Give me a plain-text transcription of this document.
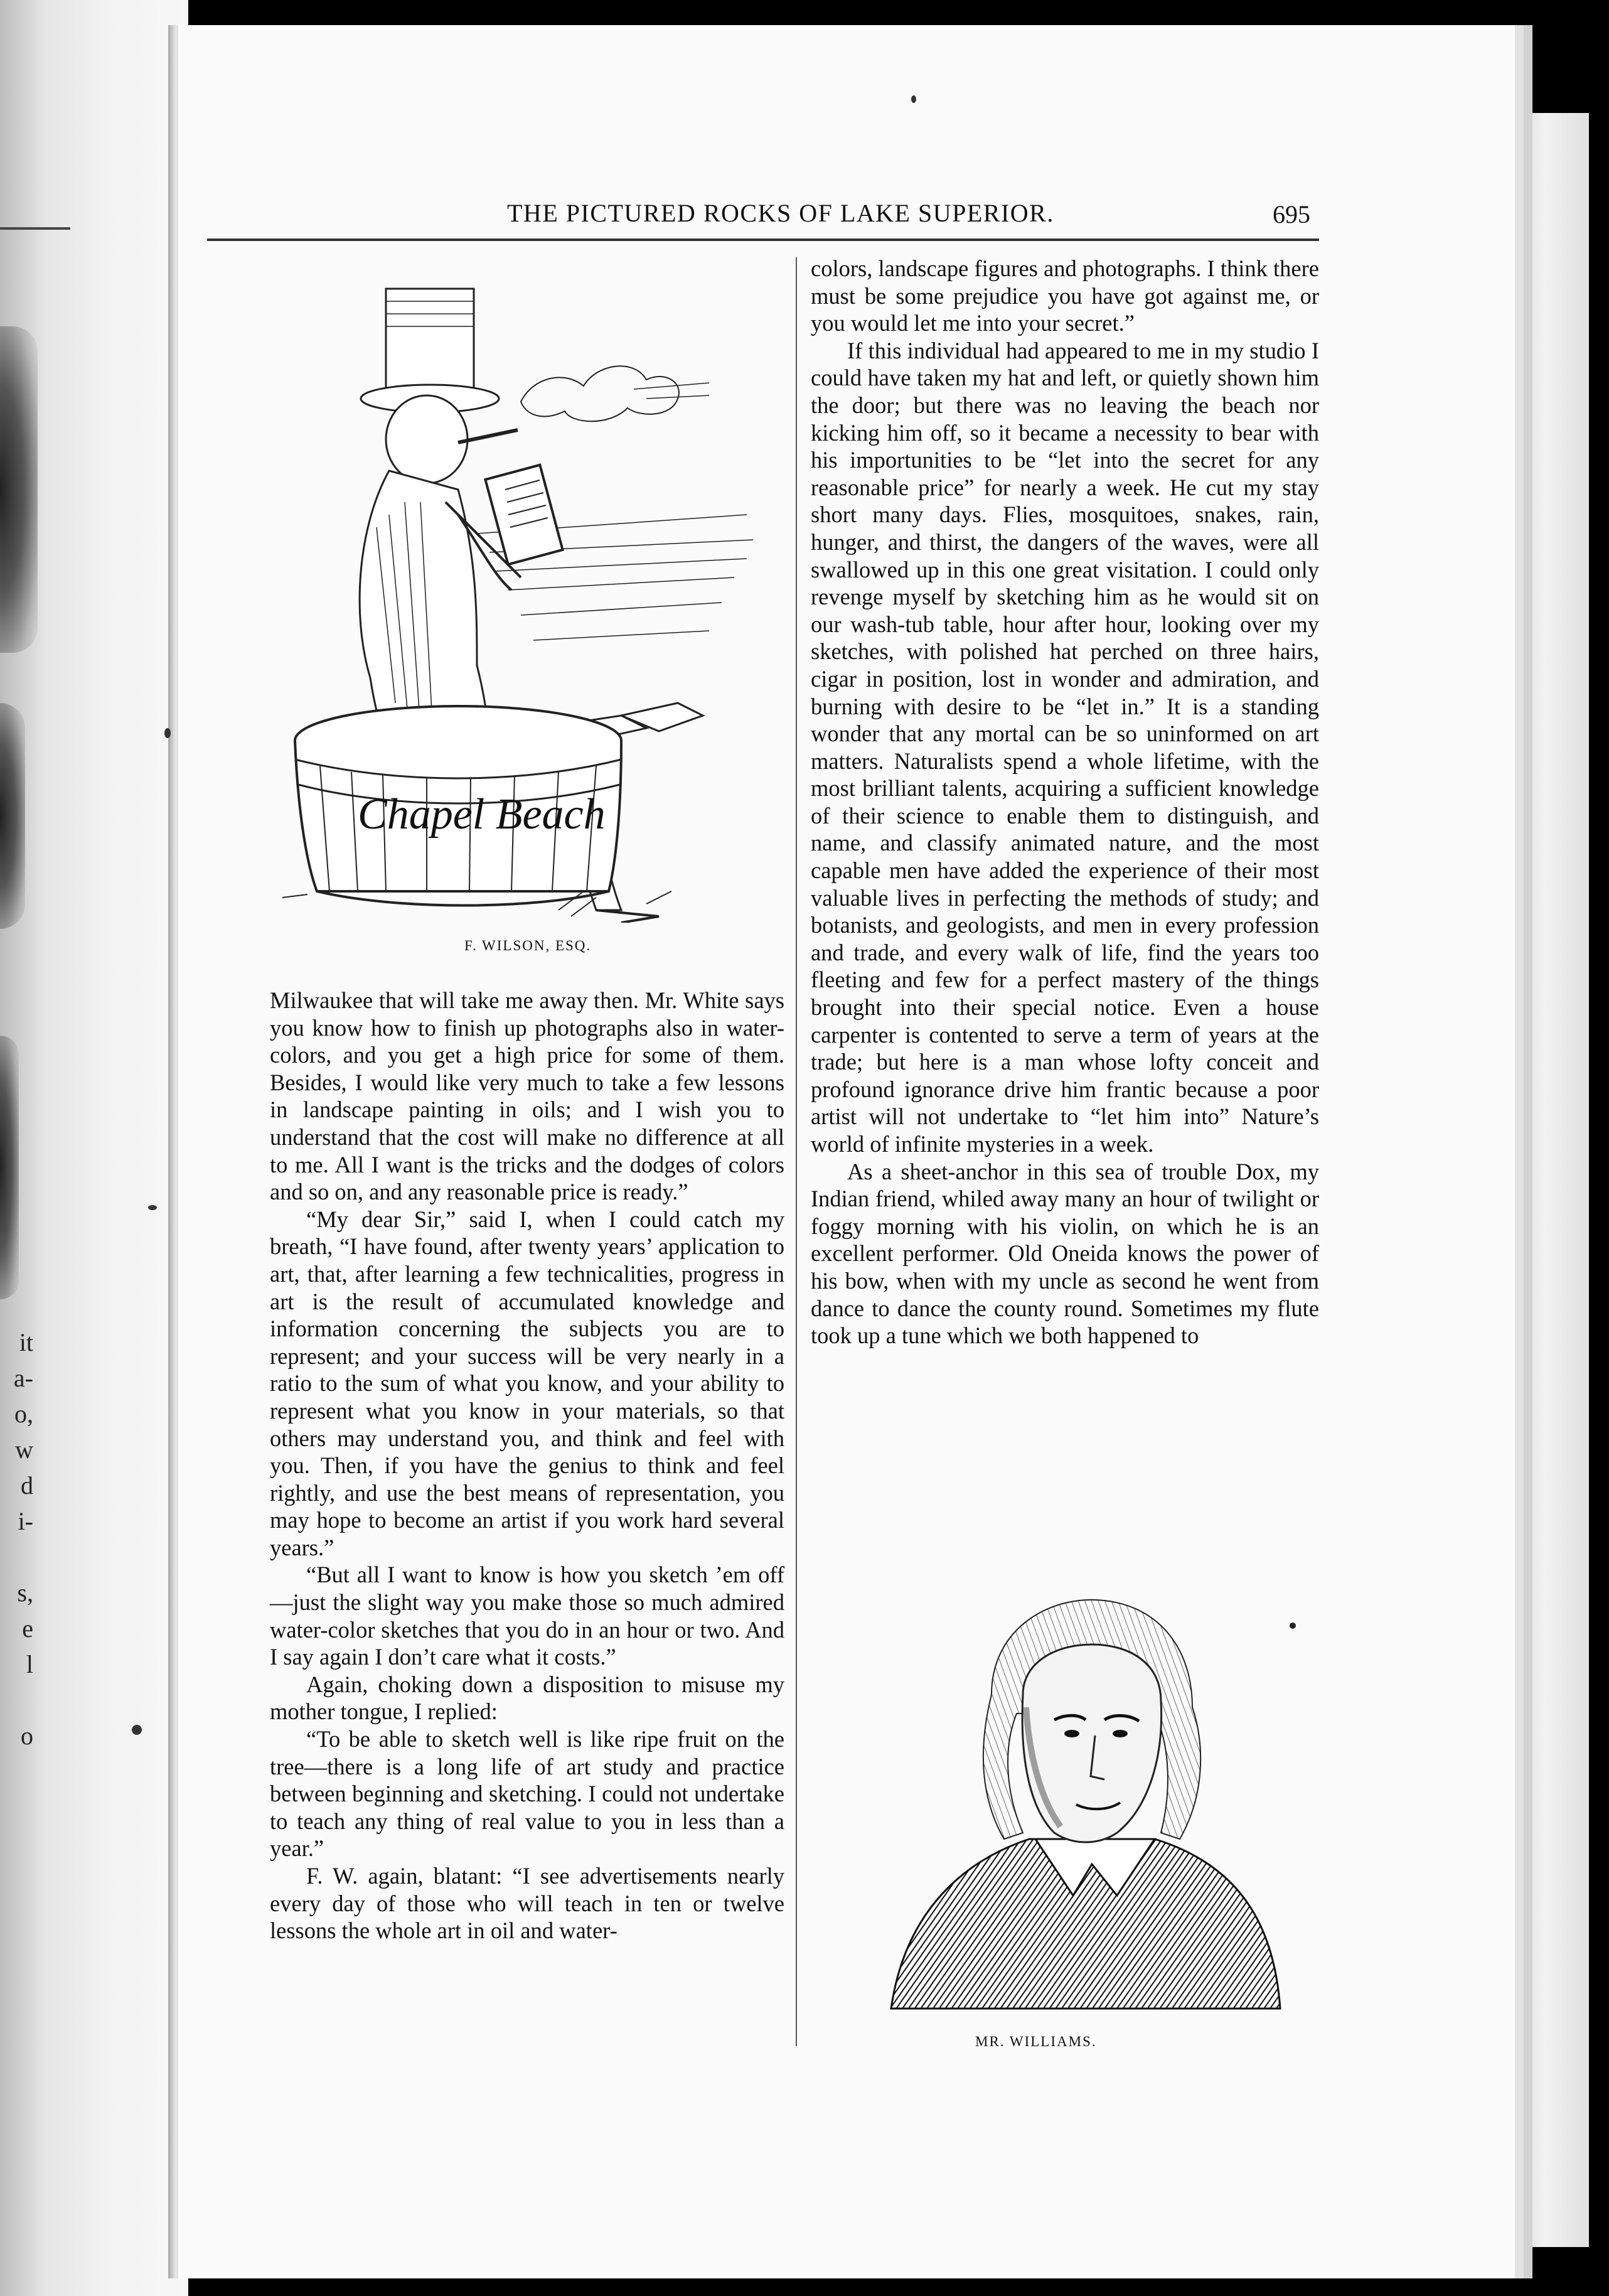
it
a-
o,
w
d
i-

s,
e
l

o
THE PICTURED ROCKS OF LAKE SUPERIOR.	695
Chapel Beach
F. WILSON, ESQ.
MR. WILLIAMS.

Milwaukee that will take me away then. Mr. White says you know how to finish up photographs also in water-colors, and you get a high price for some of them. Besides, I would like very much to take a few lessons in landscape painting in oils; and I wish you to understand that the cost will make no difference at all to me. All I want is the tricks and the dodges of colors and so on, and any reasonable price is ready.”

“My dear Sir,” said I, when I could catch my breath, “I have found, after twenty years’ application to art, that, after learning a few technicalities, progress in art is the result of accumulated knowledge and information concerning the subjects you are to represent; and your success will be very nearly in a ratio to the sum of what you know, and your ability to represent what you know in your materials, so that others may understand you, and think and feel with you. Then, if you have the genius to think and feel rightly, and use the best means of representation, you may hope to become an artist if you work hard several years.”

“But all I want to know is how you sketch ’em off—just the slight way you make those so much admired water-color sketches that you do in an hour or two. And I say again I don’t care what it costs.”

Again, choking down a disposition to misuse my mother tongue, I replied:

“To be able to sketch well is like ripe fruit on the tree—there is a long life of art study and practice between beginning and sketching. I could not undertake to teach any thing of real value to you in less than a year.”

F. W. again, blatant: “I see advertisements nearly every day of those who will teach in ten or twelve lessons the whole art in oil and water-

colors, landscape figures and photographs. I think there must be some prejudice you have got against me, or you would let me into your secret.”

If this individual had appeared to me in my studio I could have taken my hat and left, or quietly shown him the door; but there was no leaving the beach nor kicking him off, so it became a necessity to bear with his importunities to be “let into the secret for any reasonable price” for nearly a week. He cut my stay short many days. Flies, mosquitoes, snakes, rain, hunger, and thirst, the dangers of the waves, were all swallowed up in this one great visitation. I could only revenge myself by sketching him as he would sit on our wash-tub table, hour after hour, looking over my sketches, with polished hat perched on three hairs, cigar in position, lost in wonder and admiration, and burning with desire to be “let in.” It is a standing wonder that any mortal can be so uninformed on art matters. Naturalists spend a whole lifetime, with the most brilliant talents, acquiring a sufficient knowledge of their science to enable them to distinguish, and name, and classify animated nature, and the most capable men have added the experience of their most valuable lives in perfecting the methods of study; and botanists, and geologists, and men in every profession and trade, and every walk of life, find the years too fleeting and few for a perfect mastery of the things brought into their special notice. Even a house carpenter is contented to serve a term of years at the trade; but here is a man whose lofty conceit and profound ignorance drive him frantic because a poor artist will not undertake to “let him into” Nature’s world of infinite mysteries in a week.

As a sheet-anchor in this sea of trouble Dox, my Indian friend, whiled away many an hour of twilight or foggy morning with his violin, on which he is an excellent performer. Old Oneida knows the power of his bow, when with my uncle as second he went from dance to dance the county round. Sometimes my flute took up a tune which we both happened to
